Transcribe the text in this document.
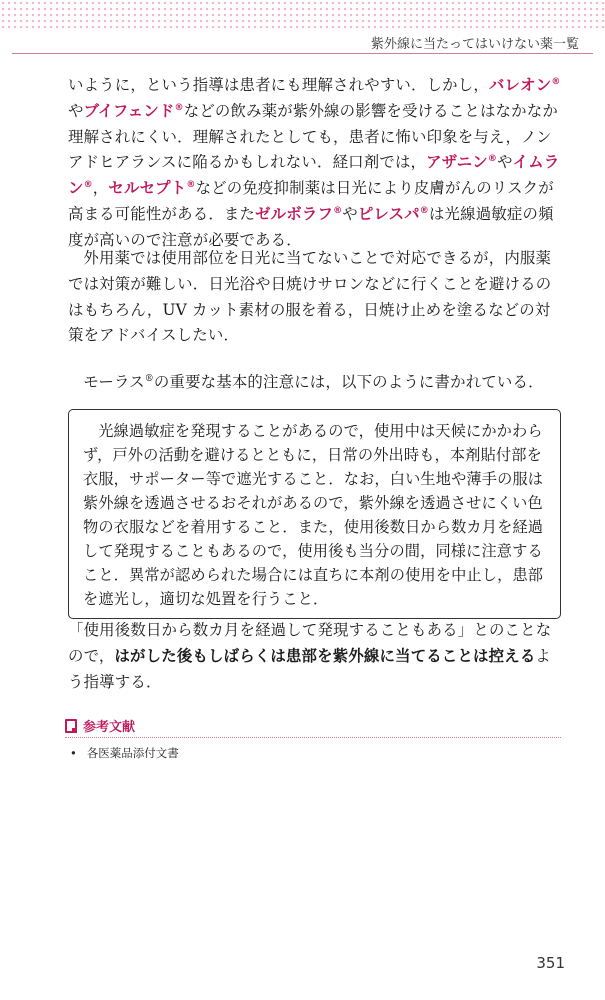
紫外線に当たってはいけない薬一覧

いように，という指導は患者にも理解されやすい．しかし，バレオン®やブイフェンド®などの飲み薬が紫外線の影響を受けることはなかなか理解されにくい．理解されたとしても，患者に怖い印象を与え，ノンアドヒアランスに陥るかもしれない．経口剤では，アザニン®やイムラン®，セルセプト®などの免疫抑制薬は日光により皮膚がんのリスクが高まる可能性がある．またゼルボラフ®やピレスパ®は光線過敏症の頻度が高いので注意が必要である．

外用薬では使用部位を日光に当てないことで対応できるが，内服薬では対策が難しい．日光浴や日焼けサロンなどに行くことを避けるのはもちろん，UV カット素材の服を着る，日焼け止めを塗るなどの対策をアドバイスしたい．

モーラス®の重要な基本的注意には，以下のように書かれている．

光線過敏症を発現することがあるので，使用中は天候にかかわらず，戸外の活動を避けるとともに，日常の外出時も，本剤貼付部を衣服，サポーター等で遮光すること．なお，白い生地や薄手の服は紫外線を透過させるおそれがあるので，紫外線を透過させにくい色物の衣服などを着用すること．また，使用後数日から数カ月を経過して発現することもあるので，使用後も当分の間，同様に注意すること．異常が認められた場合には直ちに本剤の使用を中止し，患部を遮光し，適切な処置を行うこと．

「使用後数日から数カ月を経過して発現することもある」とのことなので，はがした後もしばらくは患部を紫外線に当てることは控えるよう指導する．

参考文献
• 各医薬品添付文書
351
